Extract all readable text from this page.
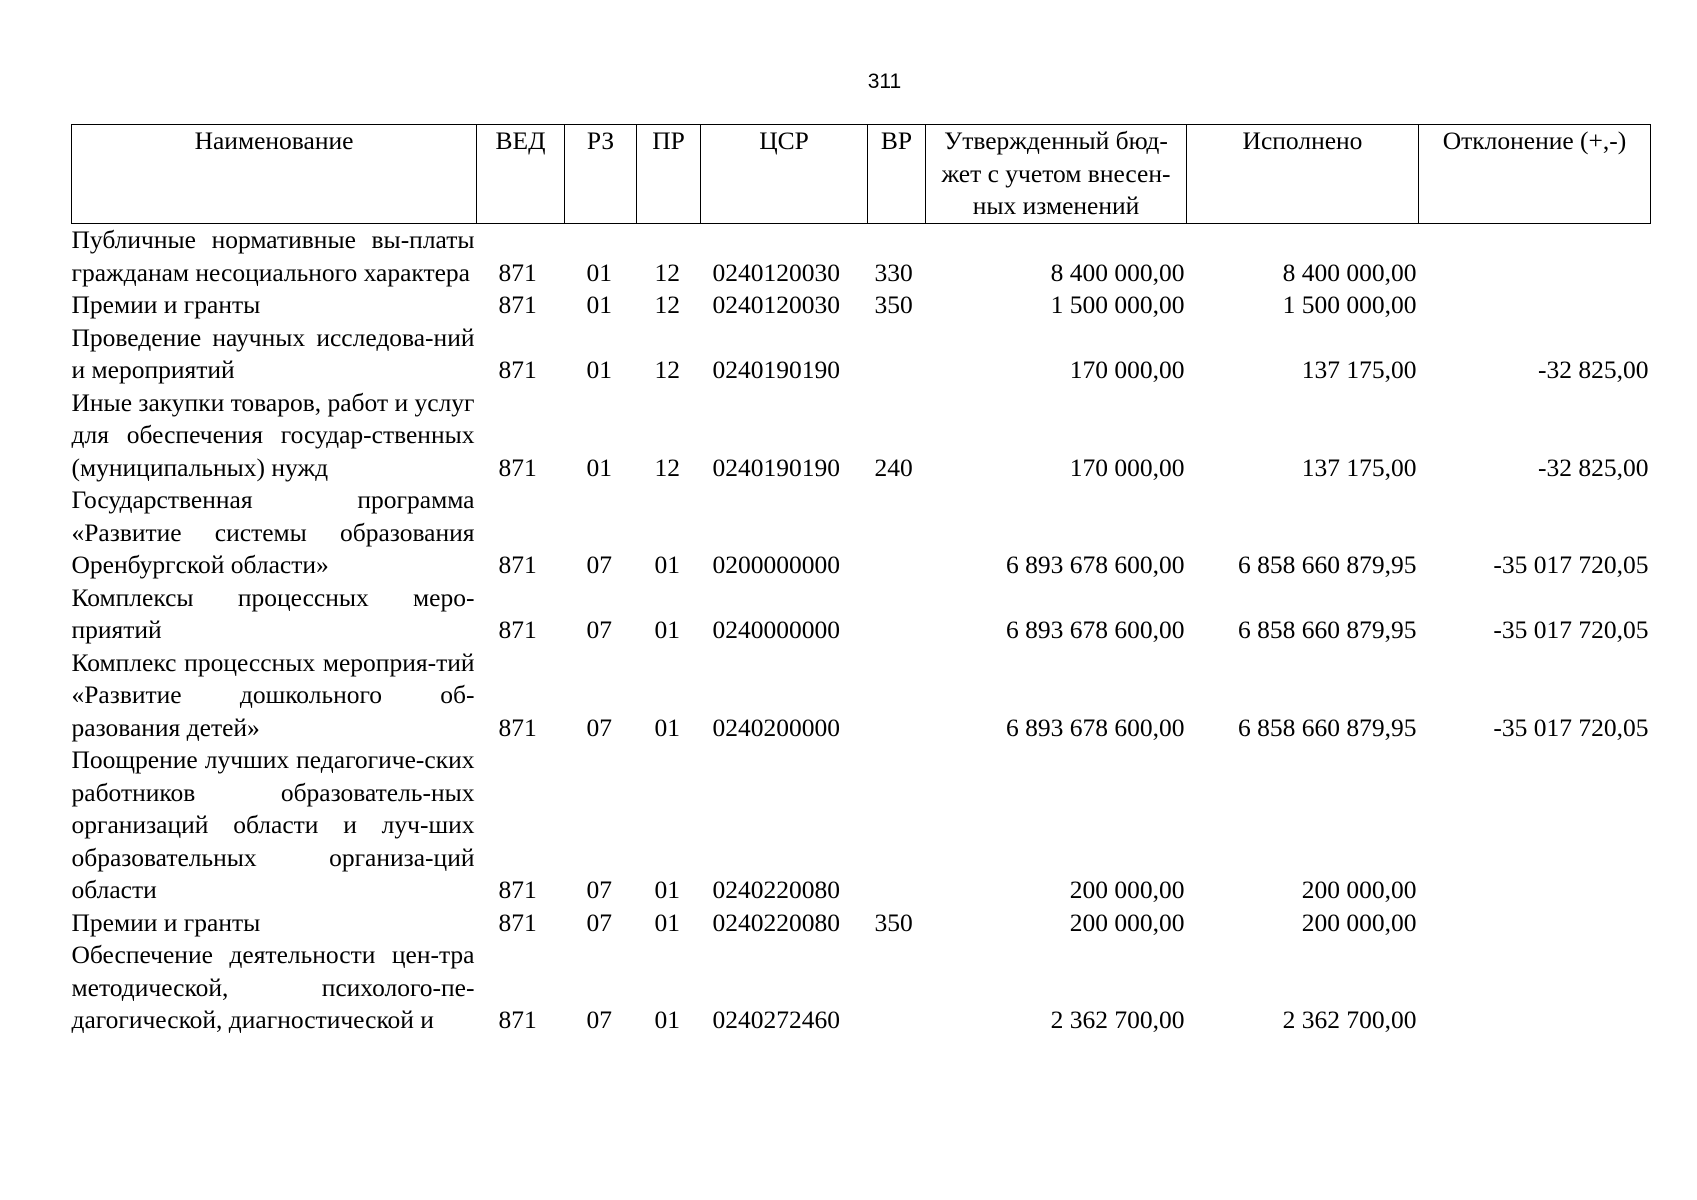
311
Наименование	ВЕД	РЗ	ПР	ЦСР	ВР	Утвержденный бюд-жет с учетом внесен-ных изменений	Исполнено	Отклонение (+,-)
Публичные нормативные вы-платы гражданам несоциального характера	871	01	12	0240120030	330	8 400 000,00	8 400 000,00	
Премии и гранты	871	01	12	0240120030	350	1 500 000,00	1 500 000,00	
Проведение научных исследова-ний и мероприятий	871	01	12	0240190190		170 000,00	137 175,00	-32 825,00
Иные закупки товаров, работ и услуг для обеспечения государ-ственных (муниципальных) нужд	871	01	12	0240190190	240	170 000,00	137 175,00	-32 825,00
Государственная программа «Развитие системы образования Оренбургской области»	871	07	01	0200000000		6 893 678 600,00	6 858 660 879,95	-35 017 720,05
Комплексы процессных меро-приятий	871	07	01	0240000000		6 893 678 600,00	6 858 660 879,95	-35 017 720,05
Комплекс процессных мероприя-тий «Развитие дошкольного об-разования детей»	871	07	01	0240200000		6 893 678 600,00	6 858 660 879,95	-35 017 720,05
Поощрение лучших педагогиче-ских работников образователь-ных организаций области и луч-ших образовательных организа-ций области	871	07	01	0240220080		200 000,00	200 000,00	
Премии и гранты	871	07	01	0240220080	350	200 000,00	200 000,00	
Обеспечение деятельности цен-тра методической, психолого-пе-дагогической, диагностической и	871	07	01	0240272460		2 362 700,00	2 362 700,00	
